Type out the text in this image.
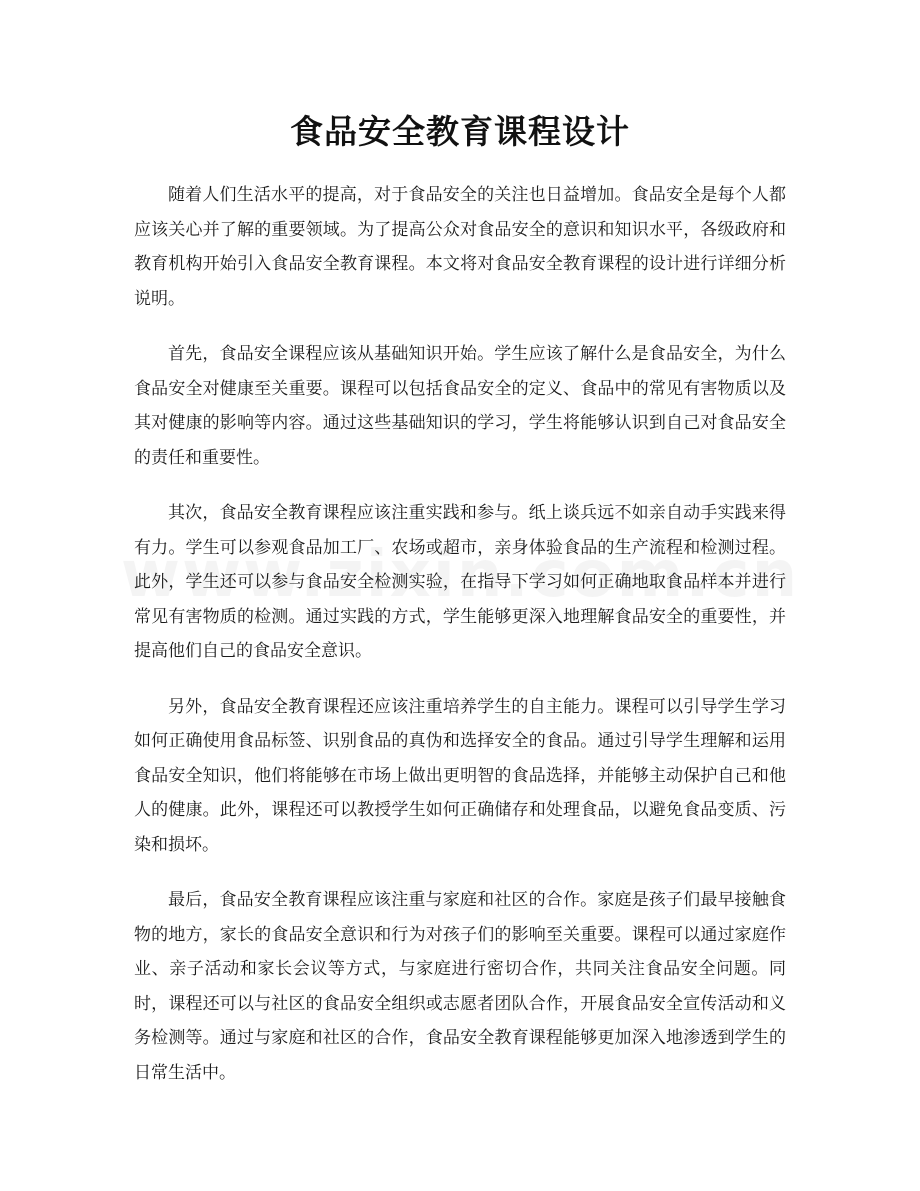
食品安全教育课程设计

随着人们生活水平的提高，对于食品安全的关注也日益增加。食品安全是每个人都应该关心并了解的重要领域。为了提高公众对食品安全的意识和知识水平，各级政府和教育机构开始引入食品安全教育课程。本文将对食品安全教育课程的设计进行详细分析说明。

首先，食品安全课程应该从基础知识开始。学生应该了解什么是食品安全，为什么食品安全对健康至关重要。课程可以包括食品安全的定义、食品中的常见有害物质以及其对健康的影响等内容。通过这些基础知识的学习，学生将能够认识到自己对食品安全的责任和重要性。

其次，食品安全教育课程应该注重实践和参与。纸上谈兵远不如亲自动手实践来得有力。学生可以参观食品加工厂、农场或超市，亲身体验食品的生产流程和检测过程。此外，学生还可以参与食品安全检测实验，在指导下学习如何正确地取食品样本并进行常见有害物质的检测。通过实践的方式，学生能够更深入地理解食品安全的重要性，并提高他们自己的食品安全意识。

另外，食品安全教育课程还应该注重培养学生的自主能力。课程可以引导学生学习如何正确使用食品标签、识别食品的真伪和选择安全的食品。通过引导学生理解和运用食品安全知识，他们将能够在市场上做出更明智的食品选择，并能够主动保护自己和他人的健康。此外，课程还可以教授学生如何正确储存和处理食品，以避免食品变质、污染和损坏。

最后，食品安全教育课程应该注重与家庭和社区的合作。家庭是孩子们最早接触食物的地方，家长的食品安全意识和行为对孩子们的影响至关重要。课程可以通过家庭作业、亲子活动和家长会议等方式，与家庭进行密切合作，共同关注食品安全问题。同时，课程还可以与社区的食品安全组织或志愿者团队合作，开展食品安全宣传活动和义务检测等。通过与家庭和社区的合作，食品安全教育课程能够更加深入地渗透到学生的日常生活中。
